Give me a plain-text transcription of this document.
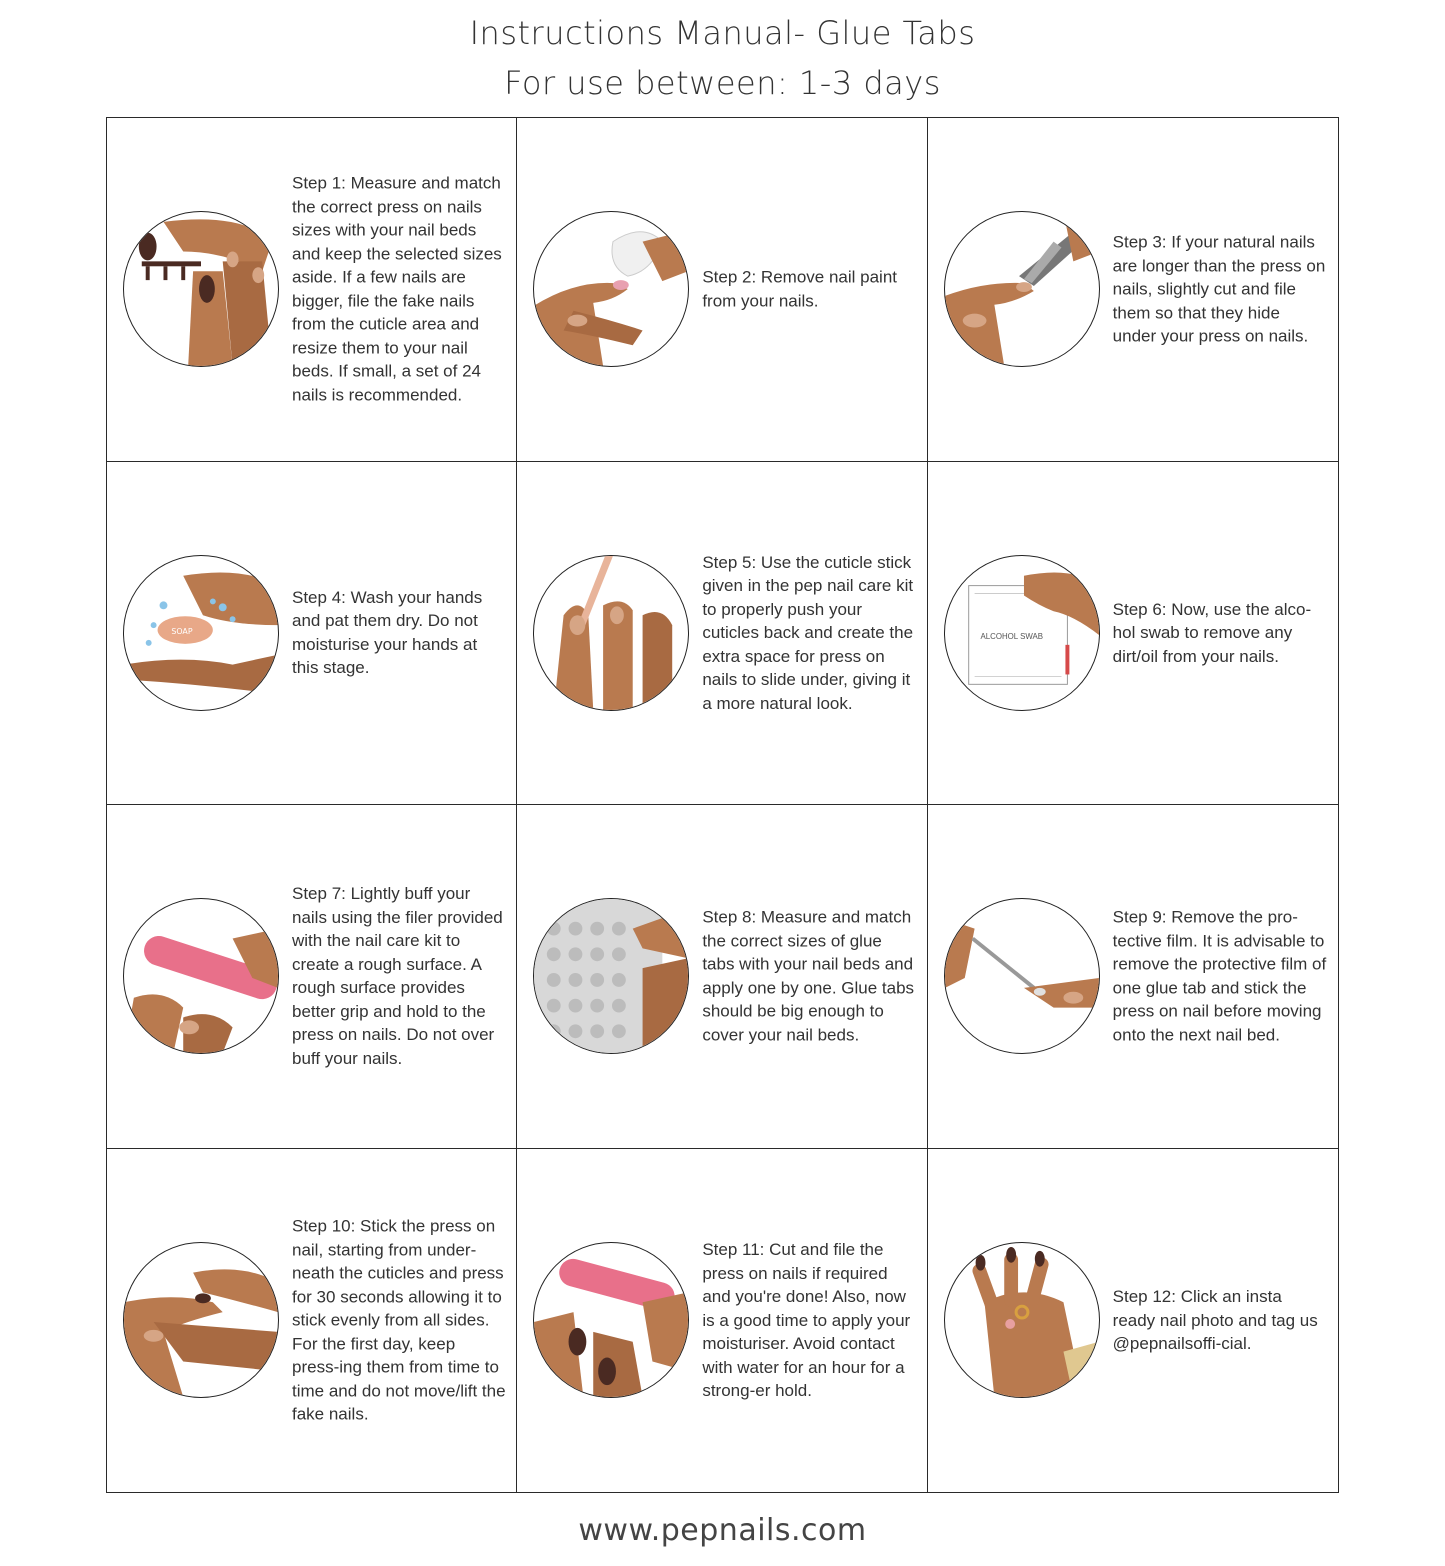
Instructions Manual- Glue Tabs
For use between: 1-3 days
Step 1: Measure and match the correct press on nails sizes with your nail beds and keep the selected sizes aside. If a few nails are bigger, file the fake nails from the cuticle area and resize them to your nail beds. If small, a set of 24 nails is recommended.
Step 2: Remove nail paint from your nails.
Step 3: If your natural nails are longer than the press on nails, slightly cut and file them so that they hide under your press on nails.
SOAP
Step 4: Wash your hands and pat them dry. Do not moisturise your hands at this stage.
Step 5: Use the cuticle stick given in the pep nail care kit to properly push your cuticles back and create the extra space for press on nails to slide under, giving it a more natural look.
ALCOHOL SWAB
Step 6: Now, use the alco-hol swab to remove any dirt/oil from your nails.
Step 7: Lightly buff your nails using the filer provided with the nail care kit to create a rough surface. A rough surface provides better grip and hold to the press on nails. Do not over buff your nails.
Step 8: Measure and match the correct sizes of glue tabs with your nail beds and apply one by one. Glue tabs should be big enough to cover your nail beds.
Step 9: Remove the pro-tective film. It is advisable to remove the protective film of one glue tab and stick the press on nail before moving onto the next nail bed.
Step 10: Stick the press on nail, starting from under-neath the cuticles and press for 30 seconds allowing it to stick evenly from all sides. For the first day, keep press-ing them from time to time and do not move/lift the fake nails.
Step 11: Cut and file the press on nails if required and you're done! Also, now is a good time to apply your moisturiser. Avoid contact with water for an hour for a strong-er hold.
Step 12: Click an insta ready nail photo and tag us @pepnailsoffi-cial.
www.pepnails.com
